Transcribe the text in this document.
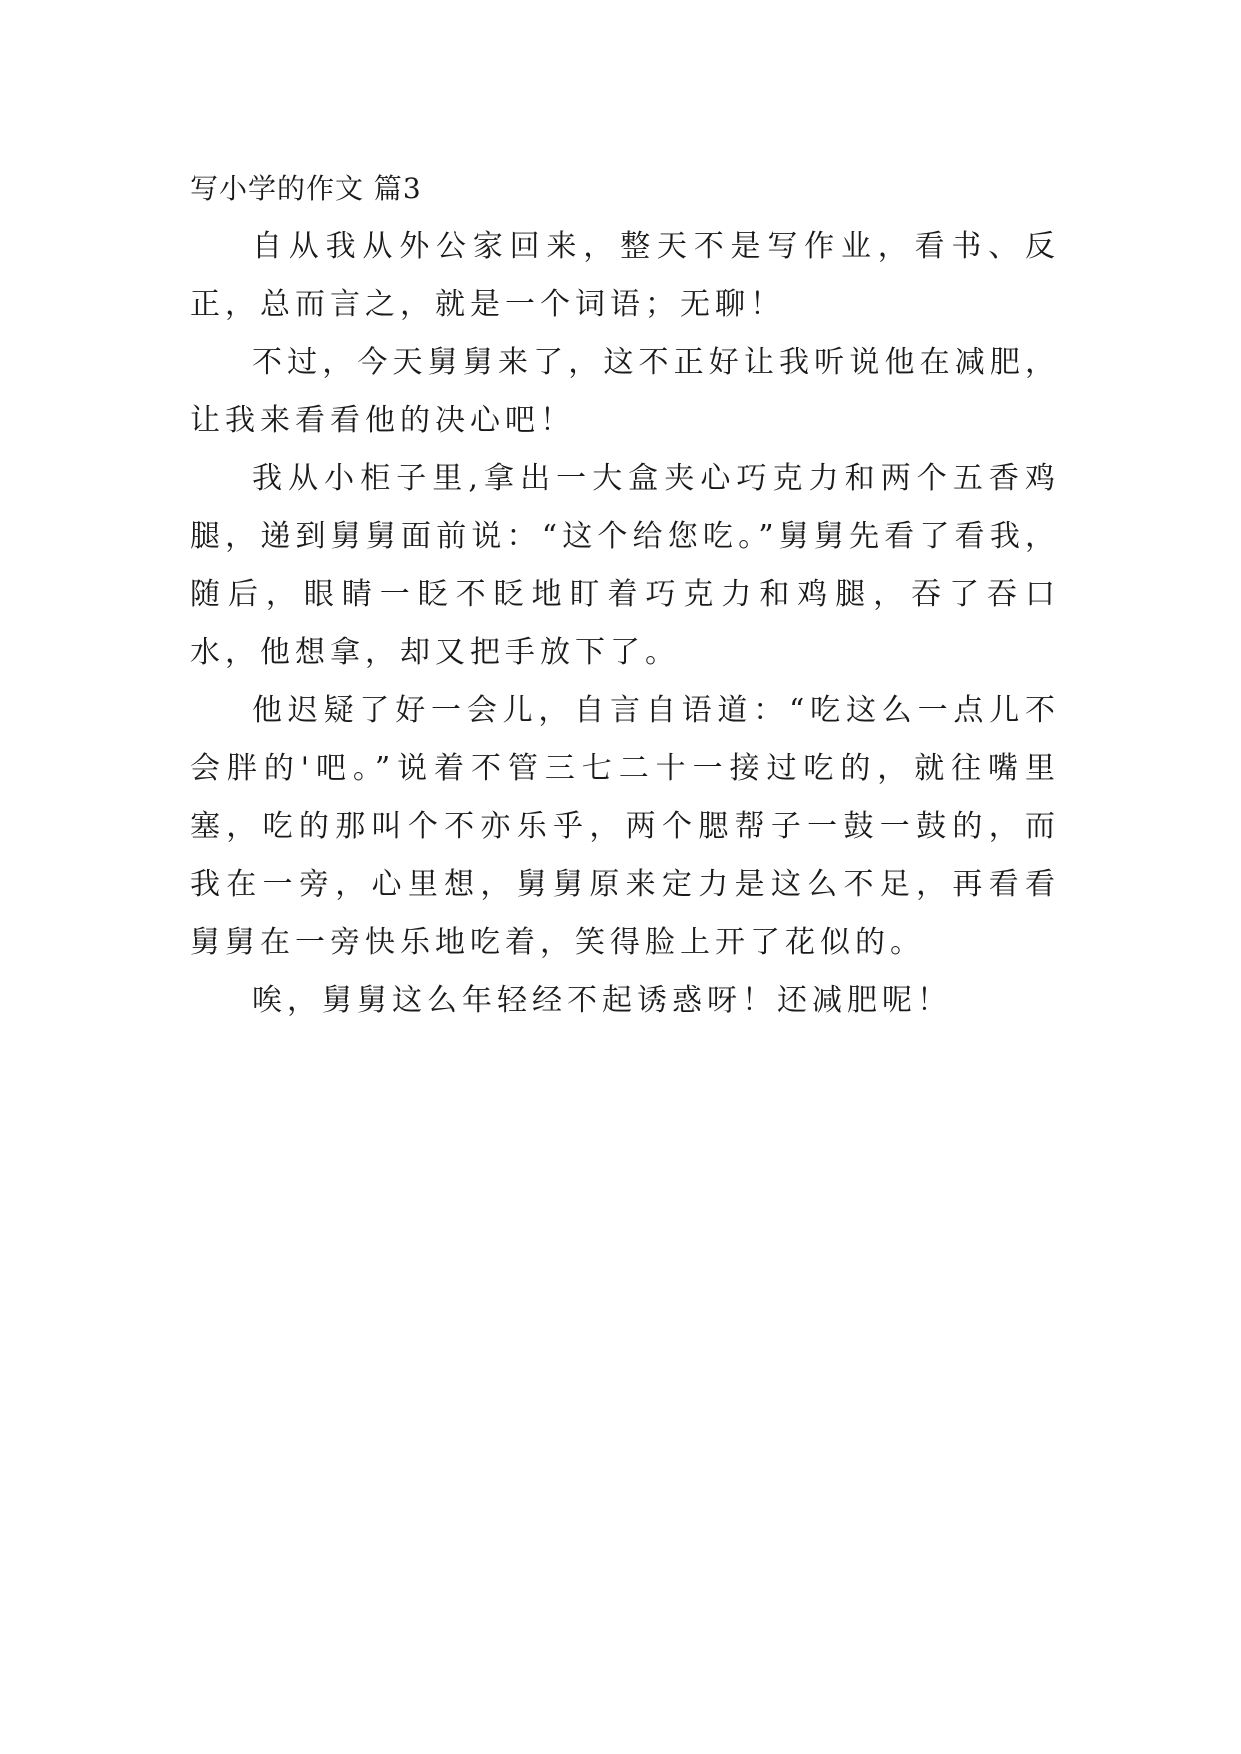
写小学的作文 篇3

自从我从外公家回来，整天不是写作业，看书、反正，总而言之，就是一个词语；无聊！

不过，今天舅舅来了，这不正好让我听说他在减肥，让我来看看他的决心吧！

我从小柜子里,拿出一大盒夹心巧克力和两个五香鸡腿，递到舅舅面前说：“这个给您吃。”舅舅先看了看我，随后，眼睛一眨不眨地盯着巧克力和鸡腿，吞了吞口水，他想拿，却又把手放下了。

他迟疑了好一会儿，自言自语道：“吃这么一点儿不会胖的'吧。”说着不管三七二十一接过吃的，就往嘴里塞，吃的那叫个不亦乐乎，两个腮帮子一鼓一鼓的，而我在一旁，心里想，舅舅原来定力是这么不足，再看看舅舅在一旁快乐地吃着，笑得脸上开了花似的。

唉，舅舅这么年轻经不起诱惑呀！还减肥呢！
